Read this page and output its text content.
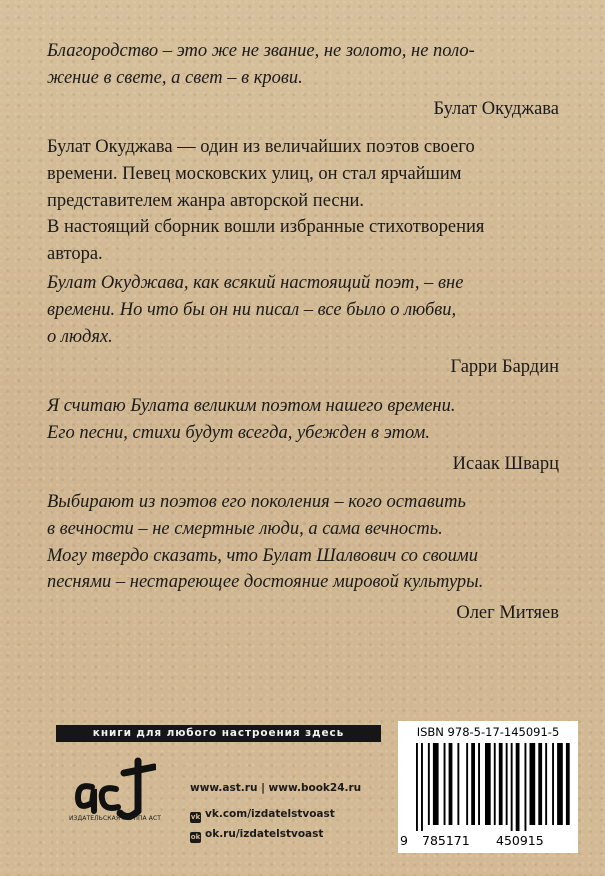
Благородство – это же не звание, не золото, не поло-

жение в свете, а свет – в крови.

Булат Окуджава

Булат Окуджава — один из величайших поэтов своего

времени. Певец московских улиц, он стал ярчайшим

представителем жанра авторской песни.

В настоящий сборник вошли избранные стихотворения

автора.

Булат Окуджава, как всякий настоящий поэт, – вне

времени. Но что бы он ни писал – все было о любви,

о людях.

Гарри Бардин

Я считаю Булата великим поэтом нашего времени.

Его песни, стихи будут всегда, убежден в этом.

Исаак Шварц

Выбирают из поэтов его поколения – кого оставить

в вечности – не смертные люди, а сама вечность.

Могу твердо сказать, что Булат Шалвович со своими

песнями – нестареющее достояние мировой культуры.

Олег Митяев

книги для любого настроения здесь
ИЗДАТЕЛЬСКАЯ ГРУППА АСТ
www.ast.ru | www.book24.ru
vk vk.com/izdatelstvoast
ok ok.ru/izdatelstvoast
ISBN 978-5-17-145091-5
9 785171 450915
